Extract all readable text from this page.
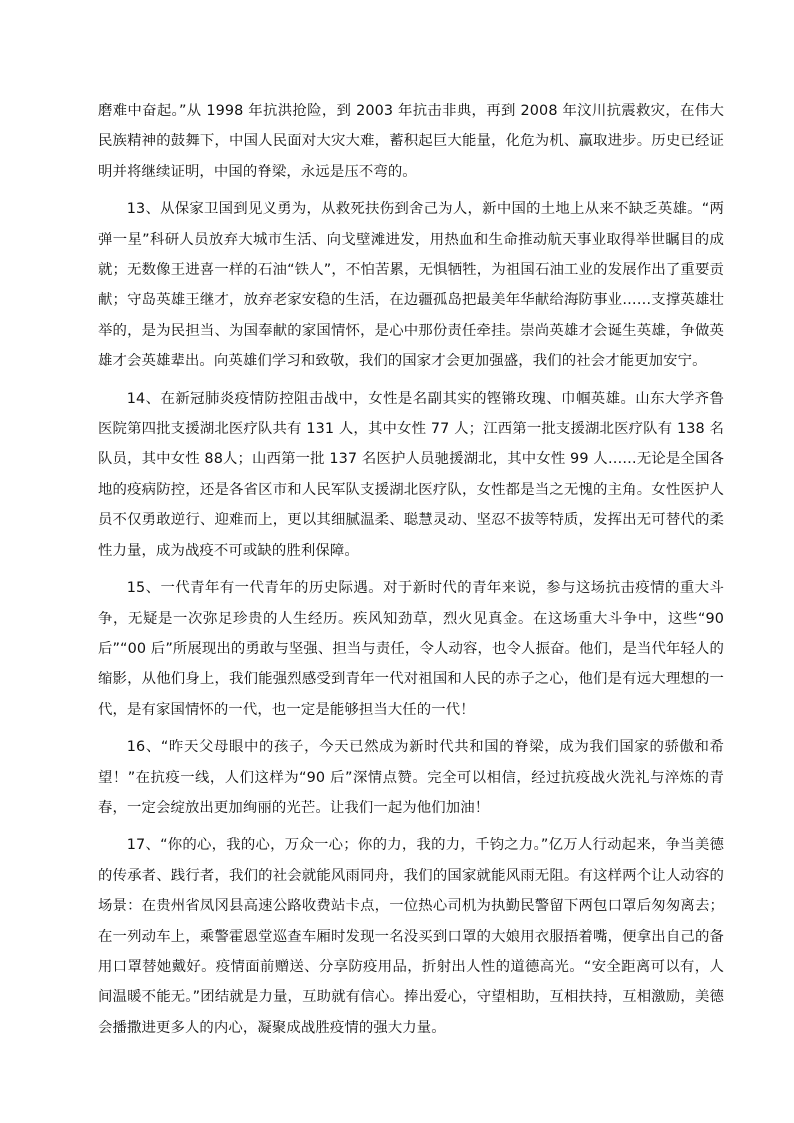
磨难中奋起。”从 1998 年抗洪抢险，到 2003 年抗击非典，再到 2008 年汶川抗震救灾，在伟大民族精神的鼓舞下，中国人民面对大灾大难，蓄积起巨大能量，化危为机、赢取进步。历史已经证明并将继续证明，中国的脊梁，永远是压不弯的。

13、从保家卫国到见义勇为，从救死扶伤到舍己为人，新中国的土地上从来不缺乏英雄。“两弹一星”科研人员放弃大城市生活、向戈壁滩进发，用热血和生命推动航天事业取得举世瞩目的成就；无数像王进喜一样的石油“铁人”，不怕苦累，无惧牺牲，为祖国石油工业的发展作出了重要贡献；守岛英雄王继才，放弃老家安稳的生活，在边疆孤岛把最美年华献给海防事业……支撑英雄壮举的，是为民担当、为国奉献的家国情怀，是心中那份责任牵挂。崇尚英雄才会诞生英雄，争做英雄才会英雄辈出。向英雄们学习和致敬，我们的国家才会更加强盛，我们的社会才能更加安宁。

14、在新冠肺炎疫情防控阻击战中，女性是名副其实的铿锵玫瑰、巾帼英雄。山东大学齐鲁医院第四批支援湖北医疗队共有 131 人，其中女性 77 人；江西第一批支援湖北医疗队有 138 名队员，其中女性 88人；山西第一批 137 名医护人员驰援湖北，其中女性 99 人……无论是全国各地的疫病防控，还是各省区市和人民军队支援湖北医疗队，女性都是当之无愧的主角。女性医护人员不仅勇敢逆行、迎难而上，更以其细腻温柔、聪慧灵动、坚忍不拔等特质，发挥出无可替代的柔性力量，成为战疫不可或缺的胜利保障。

15、一代青年有一代青年的历史际遇。对于新时代的青年来说，参与这场抗击疫情的重大斗争，无疑是一次弥足珍贵的人生经历。疾风知劲草，烈火见真金。在这场重大斗争中，这些“90 后”“00 后”所展现出的勇敢与坚强、担当与责任，令人动容，也令人振奋。他们，是当代年轻人的缩影，从他们身上，我们能强烈感受到青年一代对祖国和人民的赤子之心，他们是有远大理想的一代，是有家国情怀的一代，也一定是能够担当大任的一代！

16、“昨天父母眼中的孩子，今天已然成为新时代共和国的脊梁，成为我们国家的骄傲和希望！”在抗疫一线，人们这样为“90 后”深情点赞。完全可以相信，经过抗疫战火洗礼与淬炼的青春，一定会绽放出更加绚丽的光芒。让我们一起为他们加油！

17、“你的心，我的心，万众一心；你的力，我的力，千钧之力。”亿万人行动起来，争当美德的传承者、践行者，我们的社会就能风雨同舟，我们的国家就能风雨无阻。有这样两个让人动容的场景：在贵州省凤冈县高速公路收费站卡点，一位热心司机为执勤民警留下两包口罩后匆匆离去；在一列动车上，乘警霍恩堂巡查车厢时发现一名没买到口罩的大娘用衣服捂着嘴，便拿出自己的备用口罩替她戴好。疫情面前赠送、分享防疫用品，折射出人性的道德高光。“安全距离可以有，人间温暖不能无。”团结就是力量，互助就有信心。捧出爱心，守望相助，互相扶持，互相激励，美德会播撒进更多人的内心，凝聚成战胜疫情的强大力量。
